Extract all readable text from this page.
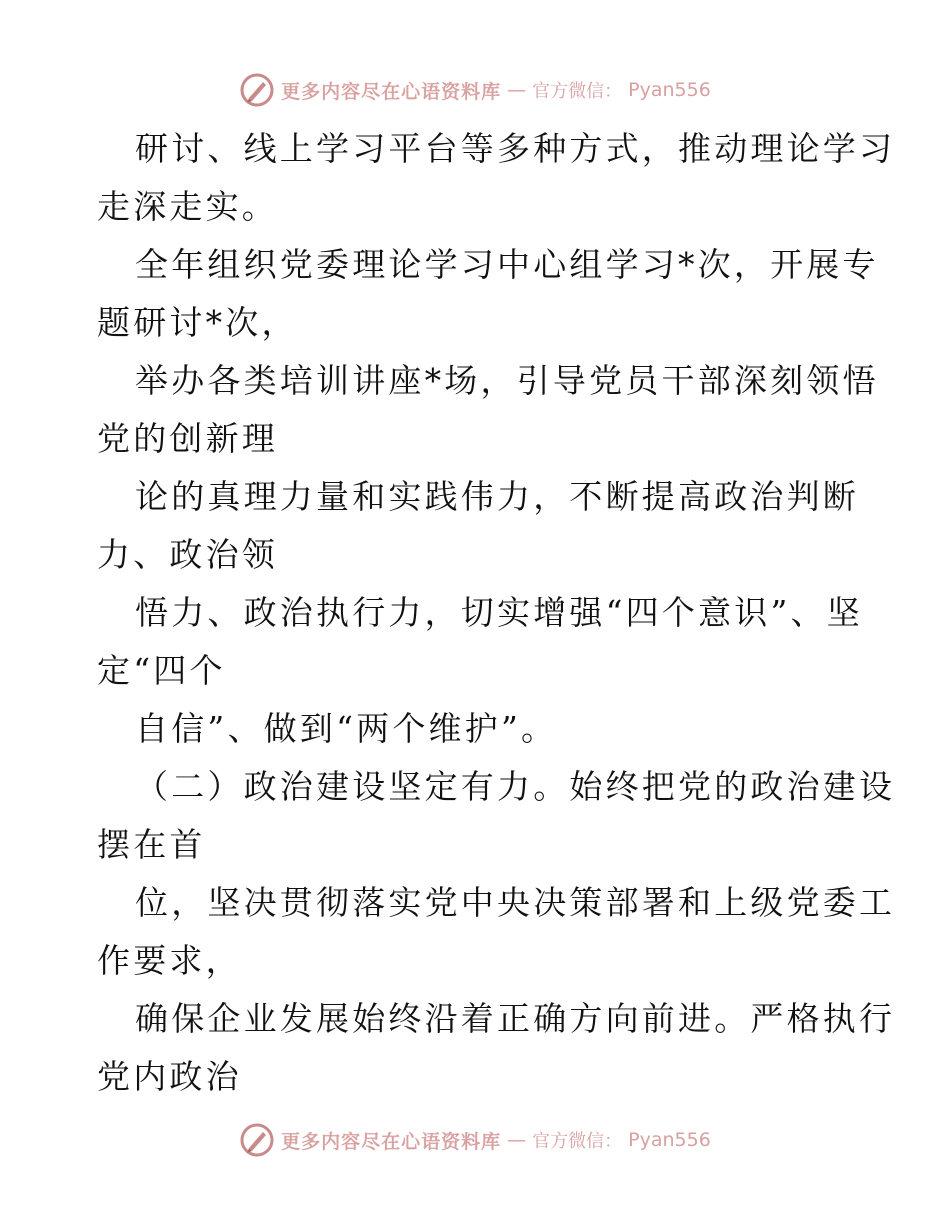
更多内容尽在心语资料库 — 官方微信： Pyan556
研讨、线上学习平台等多种方式，推动理论学习
走深走实。
全年组织党委理论学习中心组学习*次，开展专
题研讨*次，
举办各类培训讲座*场，引导党员干部深刻领悟
党的创新理
论的真理力量和实践伟力，不断提高政治判断
力、政治领
悟力、政治执行力，切实增强“四个意识”、坚
定“四个
自信”、做到“两个维护”。
（二）政治建设坚定有力。始终把党的政治建设
摆在首
位，坚决贯彻落实党中央决策部署和上级党委工
作要求，
确保企业发展始终沿着正确方向前进。严格执行
党内政治
更多内容尽在心语资料库 — 官方微信： Pyan556
